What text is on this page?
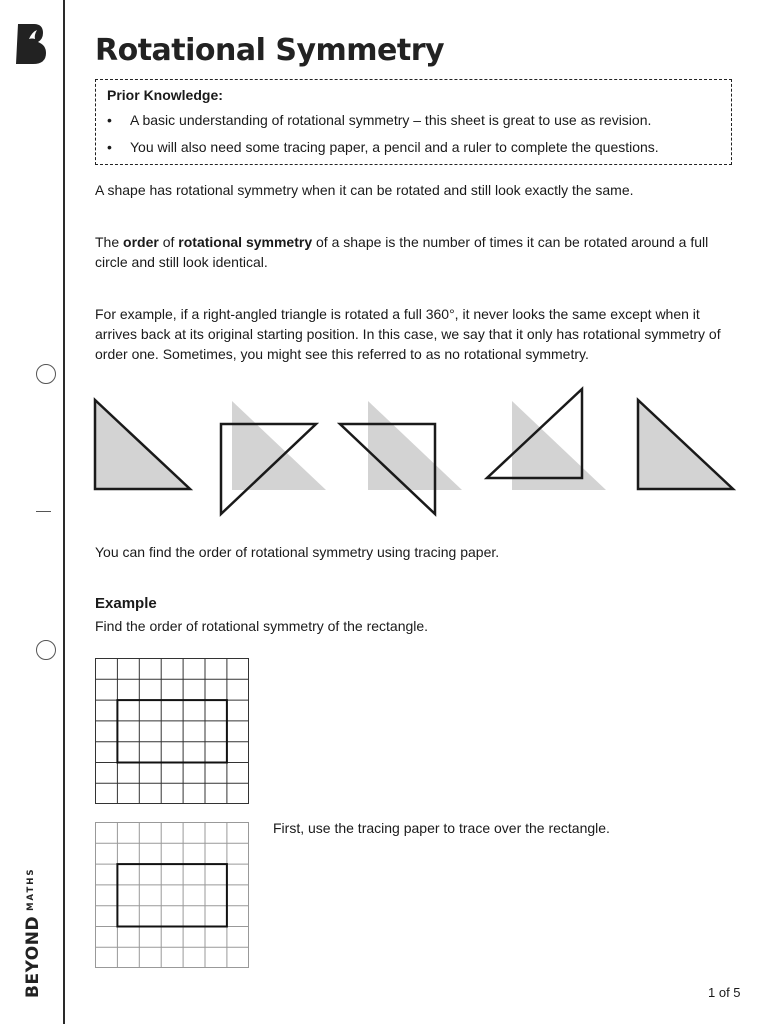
$BEYOND^{MATHS}$
Rotational Symmetry
Prior Knowledge:
• A basic understanding of rotational symmetry – this sheet is great to use as revision.
• You will also need some tracing paper, a pencil and a ruler to complete the questions.

A shape has rotational symmetry when it can be rotated and still look exactly the same.

The order of rotational symmetry of a shape is the number of times it can be rotated around a full circle and still look identical.

For example, if a right-angled triangle is rotated a full 360°, it never looks the same except when it arrives back at its original starting position. In this case, we say that it only has rotational symmetry of order one. Sometimes, you might see this referred to as no rotational symmetry.

You can find the order of rotational symmetry using tracing paper.

Example

Find the order of rotational symmetry of the rectangle.

First, use the tracing paper to trace over the rectangle.

1 of 5
